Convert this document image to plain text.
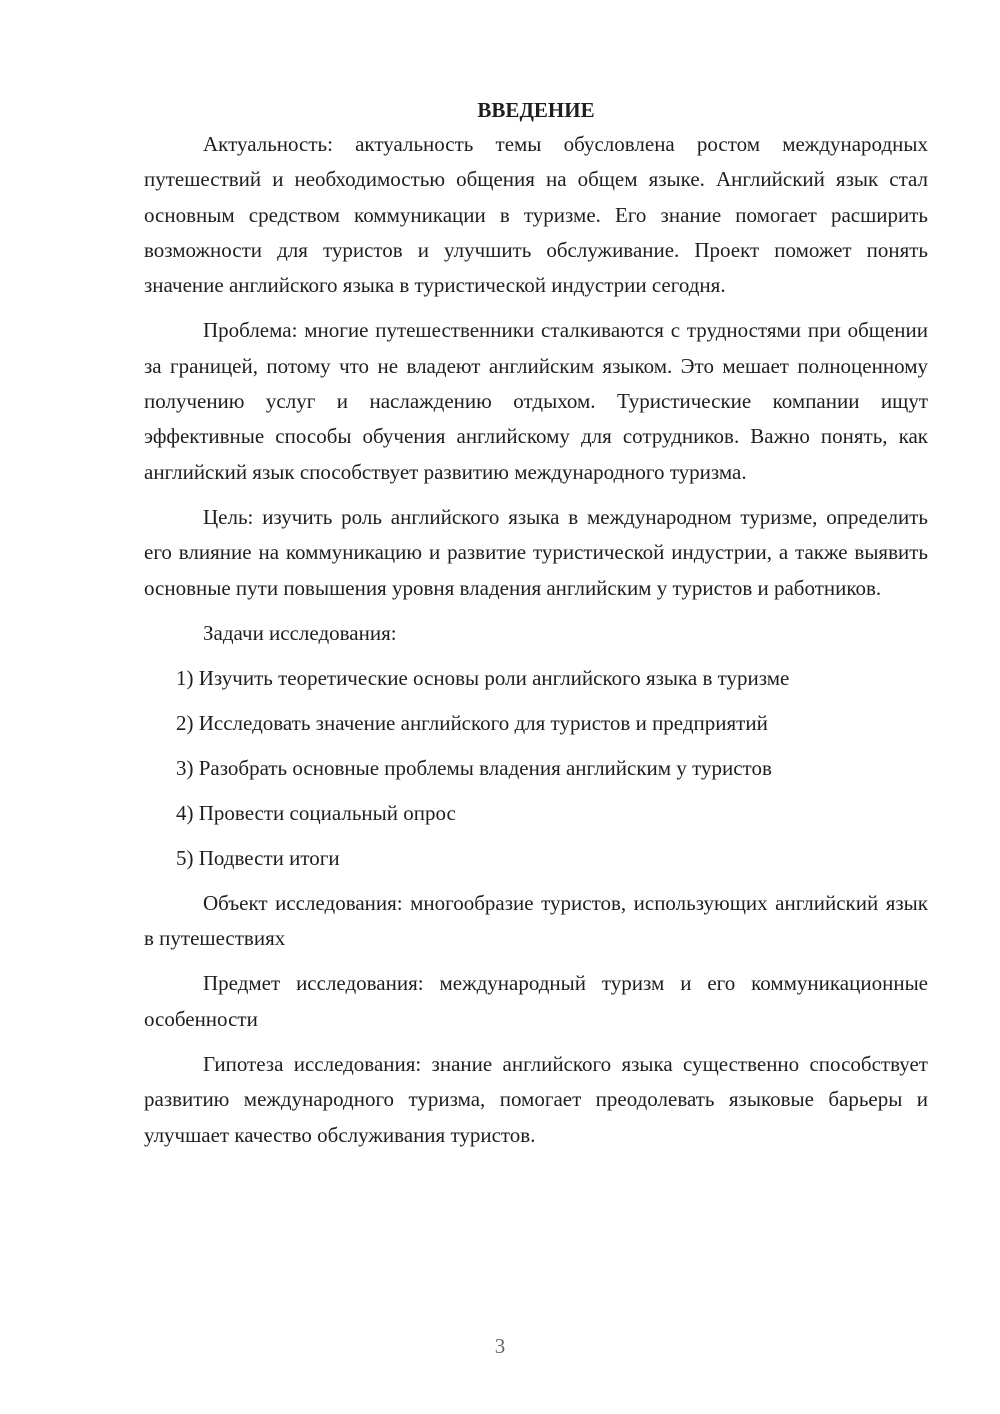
ВВЕДЕНИЕ

Актуальность: актуальность темы обусловлена ростом международных путешествий и необходимостью общения на общем языке. Английский язык стал основным средством коммуникации в туризме. Его знание помогает расширить возможности для туристов и улучшить обслуживание. Проект поможет понять значение английского языка в туристической индустрии сегодня.

Проблема: многие путешественники сталкиваются с трудностями при общении за границей, потому что не владеют английским языком. Это мешает полноценному получению услуг и наслаждению отдыхом. Туристические компании ищут эффективные способы обучения английскому для сотрудников. Важно понять, как английский язык способствует развитию международного туризма.

Цель: изучить роль английского языка в международном туризме, определить его влияние на коммуникацию и развитие туристической индустрии, а также выявить основные пути повышения уровня владения английским у туристов и работников.

Задачи исследования:

1) Изучить теоретические основы роли английского языка в туризме
2) Исследовать значение английского для туристов и предприятий
3) Разобрать основные проблемы владения английским у туристов
4) Провести социальный опрос
5) Подвести итоги

Объект исследования: многообразие туристов, использующих английский язык в путешествиях

Предмет исследования: международный туризм и его коммуникационные особенности

Гипотеза исследования: знание английского языка существенно способствует развитию международного туризма, помогает преодолевать языковые барьеры и улучшает качество обслуживания туристов.

3
